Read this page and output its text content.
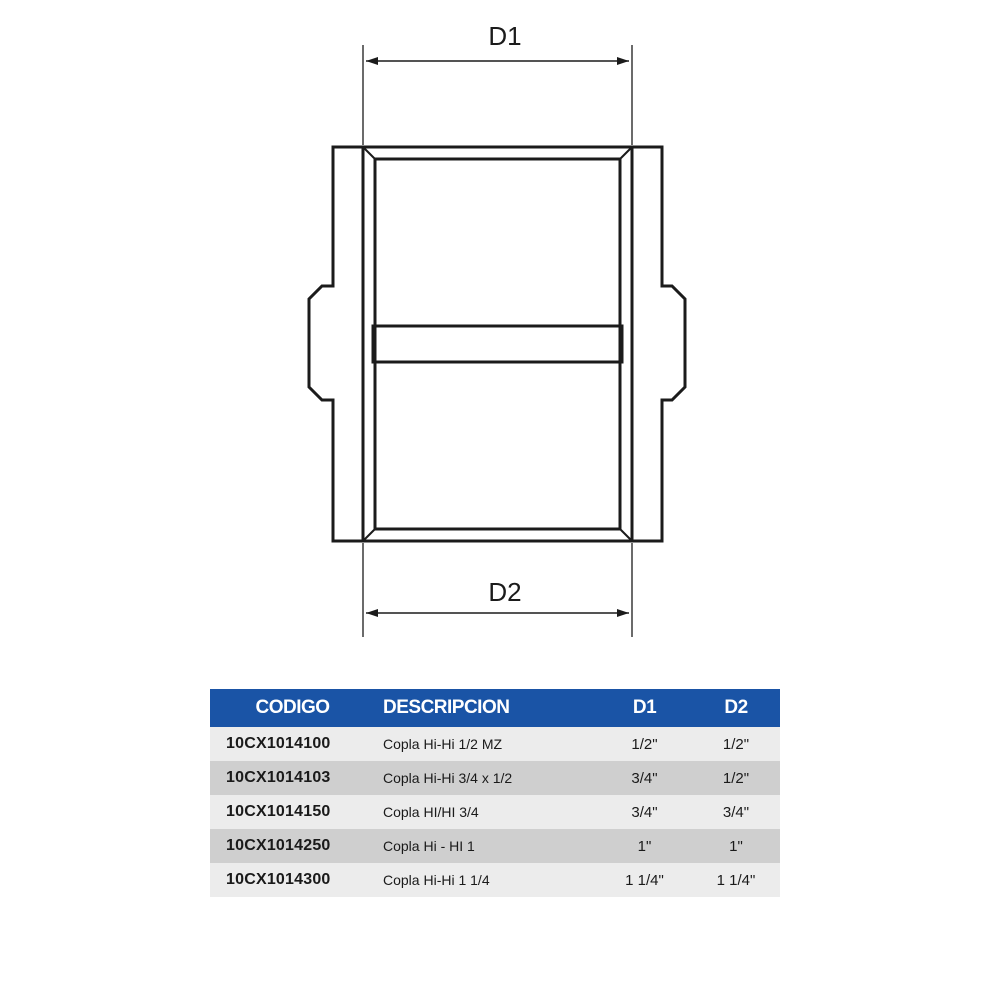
D1
D2
CODIGO	DESCRIPCION	D1	D2
10CX1014100	Copla Hi-Hi 1/2 MZ	1/2"	1/2"
10CX1014103	Copla Hi-Hi 3/4 x 1/2	3/4"	1/2"
10CX1014150	Copla HI/HI 3/4	3/4"	3/4"
10CX1014250	Copla Hi - HI 1	1"	1"
10CX1014300	Copla Hi-Hi 1 1/4	1 1/4"	1 1/4"
